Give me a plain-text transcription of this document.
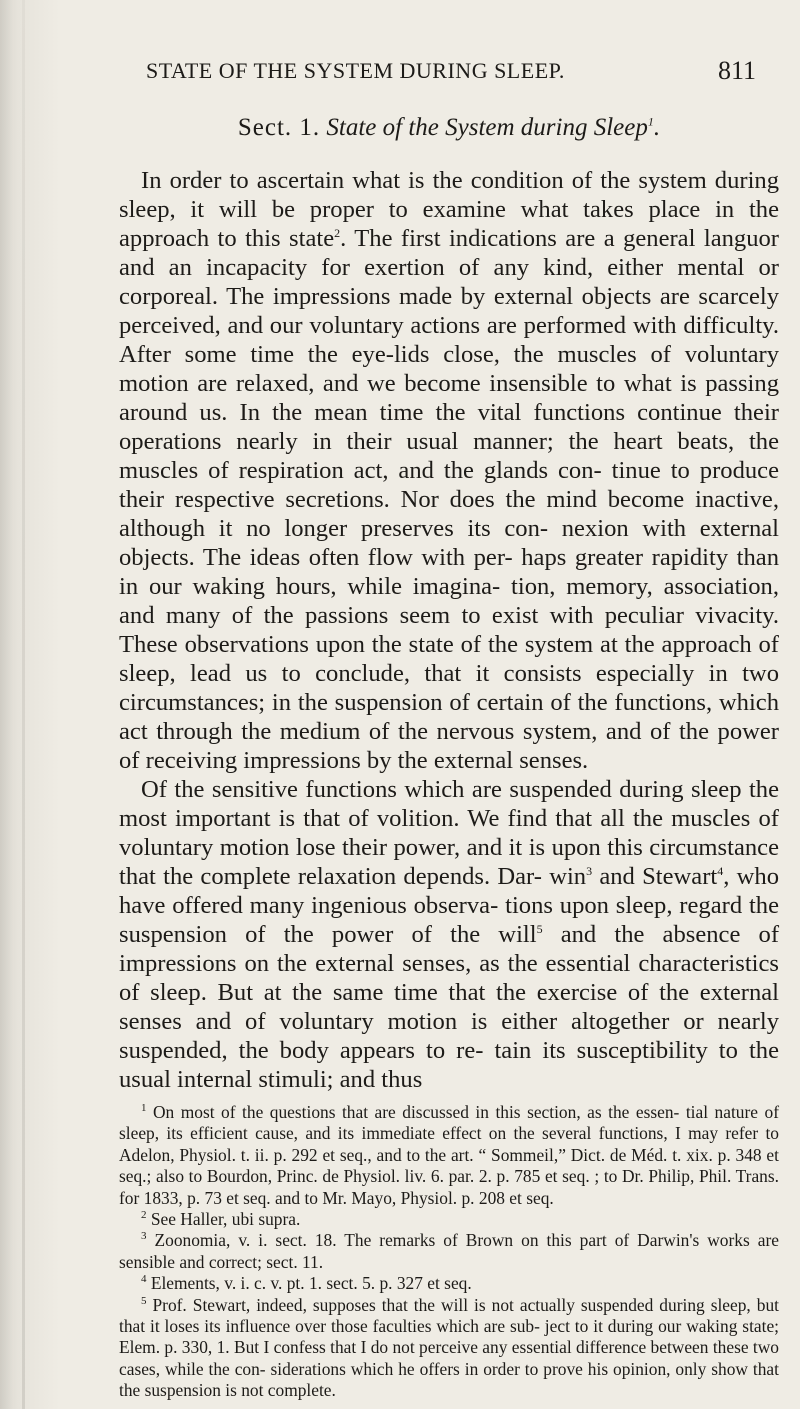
STATE OF THE SYSTEM DURING SLEEP.	811
Sect. 1. State of the System during Sleep$^1$.

In order to ascertain what is the condition of the system during sleep, it will be proper to examine what takes place in the approach to this state$^2$. The first indications are a general languor and an incapacity for exertion of any kind, either mental or corporeal. The impressions made by external objects are scarcely perceived, and our voluntary actions are performed with difficulty. After some time the eye-lids close, the muscles of voluntary motion are relaxed, and we become insensible to what is passing around us. In the mean time the vital functions continue their operations nearly in their usual manner; the heart beats, the muscles of respiration act, and the glands con- tinue to produce their respective secretions. Nor does the mind become inactive, although it no longer preserves its con- nexion with external objects. The ideas often flow with per- haps greater rapidity than in our waking hours, while imagina- tion, memory, association, and many of the passions seem to exist with peculiar vivacity. These observations upon the state of the system at the approach of sleep, lead us to conclude, that it consists especially in two circumstances; in the suspension of certain of the functions, which act through the medium of the nervous system, and of the power of receiving impressions by the external senses.

Of the sensitive functions which are suspended during sleep the most important is that of volition. We find that all the muscles of voluntary motion lose their power, and it is upon this circumstance that the complete relaxation depends. Dar- win$^3$ and Stewart$^4$, who have offered many ingenious observa- tions upon sleep, regard the suspension of the power of the will$^5$ and the absence of impressions on the external senses, as the essential characteristics of sleep. But at the same time that the exercise of the external senses and of voluntary motion is either altogether or nearly suspended, the body appears to re- tain its susceptibility to the usual internal stimuli; and thus

$^1$ On most of the questions that are discussed in this section, as the essen- tial nature of sleep, its efficient cause, and its immediate effect on the several functions, I may refer to Adelon, Physiol. t. ii. p. 292 et seq., and to the art. “ Sommeil,” Dict. de Méd. t. xix. p. 348 et seq.; also to Bourdon, Princ. de Physiol. liv. 6. par. 2. p. 785 et seq. ; to Dr. Philip, Phil. Trans. for 1833, p. 73 et seq. and to Mr. Mayo, Physiol. p. 208 et seq.

$^2$ See Haller, ubi supra.

$^3$ Zoonomia, v. i. sect. 18. The remarks of Brown on this part of Darwin's works are sensible and correct; sect. 11.

$^4$ Elements, v. i. c. v. pt. 1. sect. 5. p. 327 et seq.

$^5$ Prof. Stewart, indeed, supposes that the will is not actually suspended during sleep, but that it loses its influence over those faculties which are sub- ject to it during our waking state; Elem. p. 330, 1. But I confess that I do not perceive any essential difference between these two cases, while the con- siderations which he offers in order to prove his opinion, only show that the suspension is not complete.
